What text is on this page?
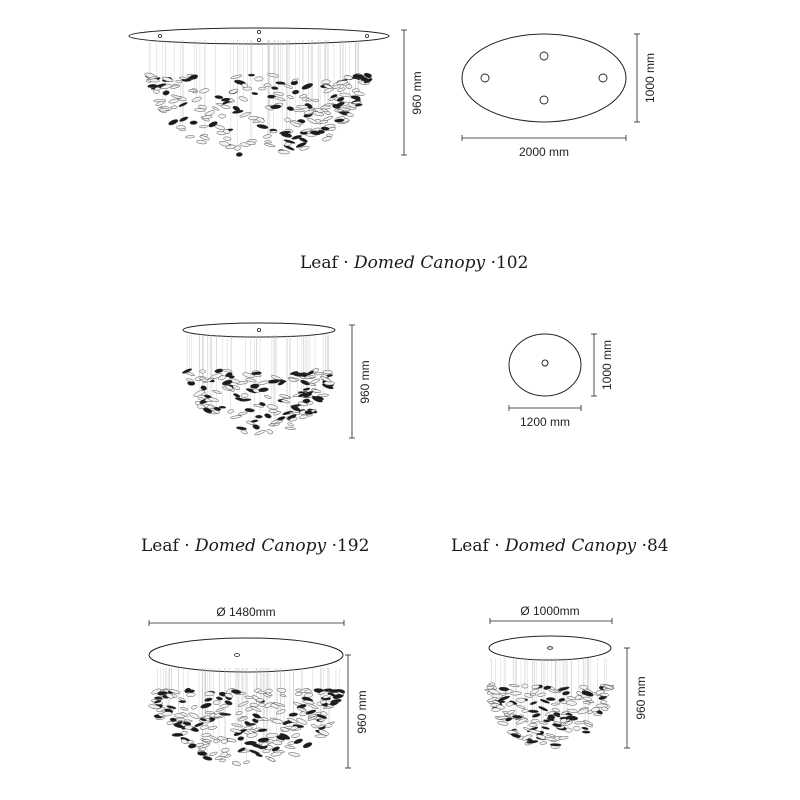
960 mm
2000 mm
1000 mm
960 mm
1200 mm
1000 mm
Ø 1480mm
960 mm
Ø 1000mm
960 mm
Leaf · Domed Canopy ·102
Leaf · Domed Canopy ·192	Leaf · Domed Canopy ·84
